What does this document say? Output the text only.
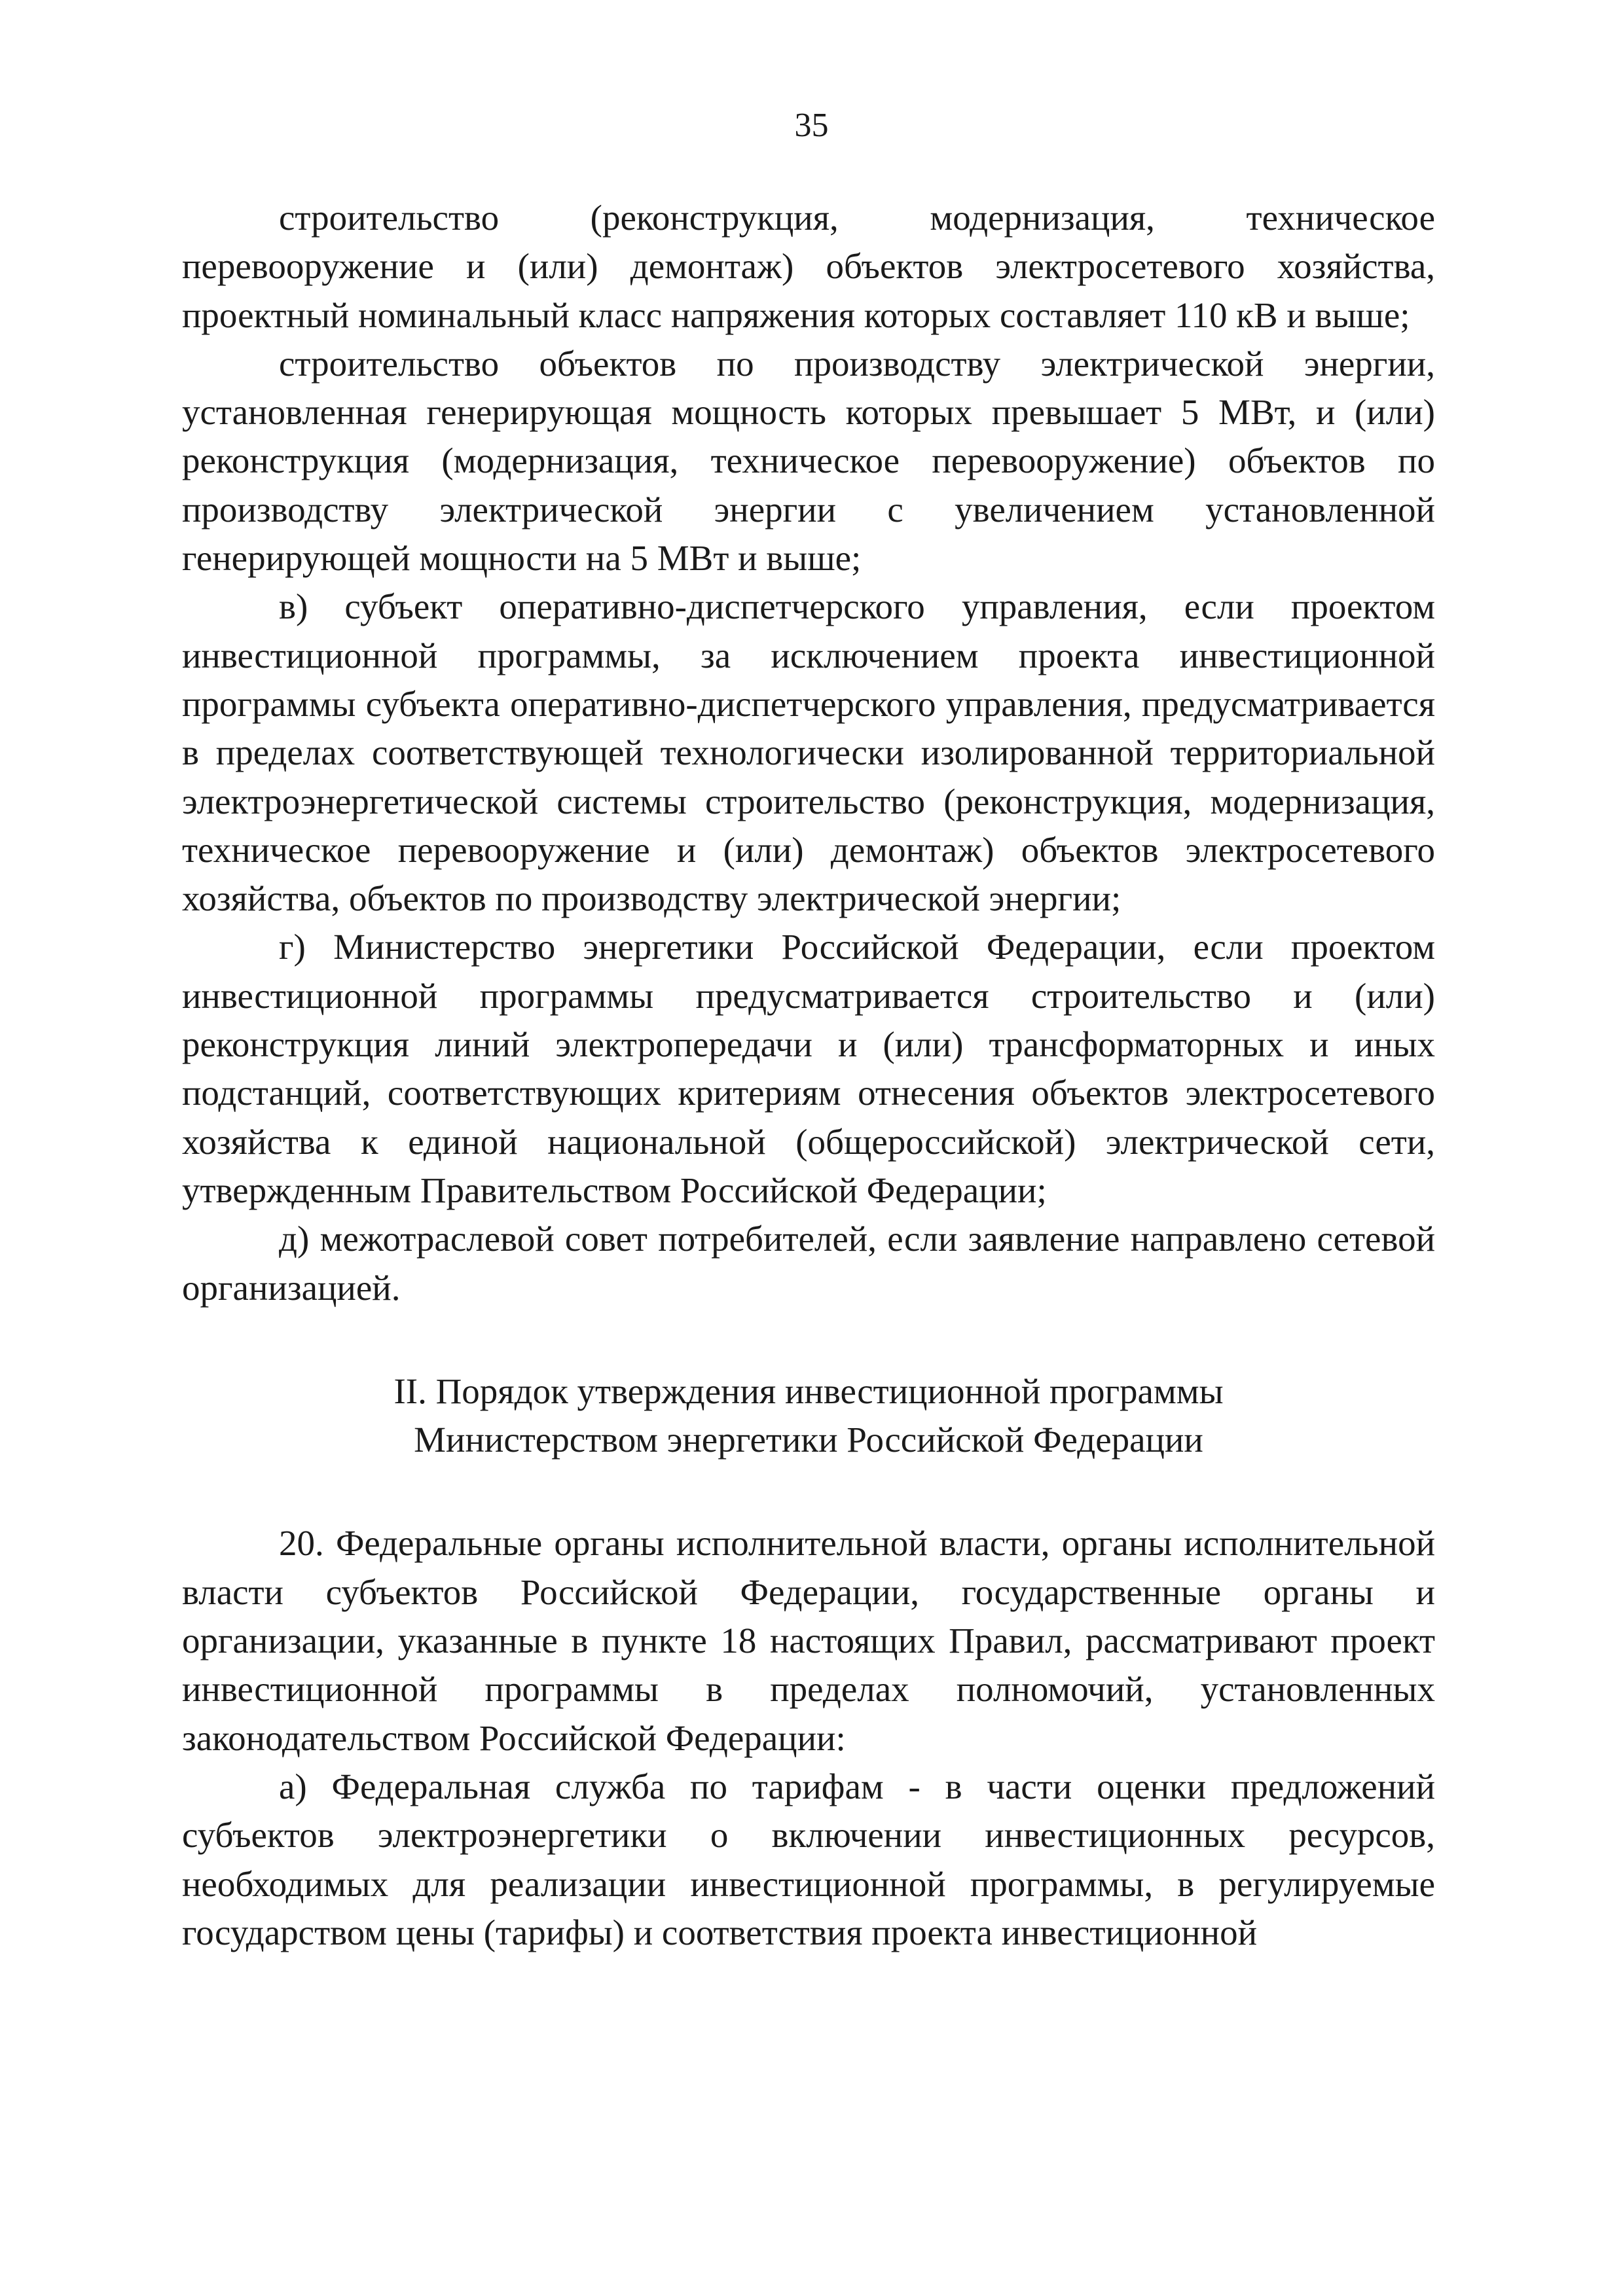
35

строительство (реконструкция, модернизация, техническое перевооружение и (или) демонтаж) объектов электросетевого хозяйства, проектный номинальный класс напряжения которых составляет 110 кВ и выше;

строительство объектов по производству электрической энергии, установленная генерирующая мощность которых превышает 5 МВт, и (или) реконструкция (модернизация, техническое перевооружение) объектов по производству электрической энергии с увеличением установленной генерирующей мощности на 5 МВт и выше;

в) субъект оперативно-диспетчерского управления, если проектом инвестиционной программы, за исключением проекта инвестиционной программы субъекта оперативно-диспетчерского управления, предусматривается в пределах соответствующей технологически изолированной территориальной электроэнергетической системы строительство (реконструкция, модернизация, техническое перевооружение и (или) демонтаж) объектов электросетевого хозяйства, объектов по производству электрической энергии;

г) Министерство энергетики Российской Федерации, если проектом инвестиционной программы предусматривается строительство и (или) реконструкция линий электропередачи и (или) трансформаторных и иных подстанций, соответствующих критериям отнесения объектов электросетевого хозяйства к единой национальной (общероссийской) электрической сети, утвержденным Правительством Российской Федерации;

д) межотраслевой совет потребителей, если заявление направлено сетевой организацией.

II. Порядок утверждения инвестиционной программы
Министерством энергетики Российской Федерации

20. Федеральные органы исполнительной власти, органы исполнительной власти субъектов Российской Федерации, государственные органы и организации, указанные в пункте 18 настоящих Правил, рассматривают проект инвестиционной программы в пределах полномочий, установленных законодательством Российской Федерации:

а) Федеральная служба по тарифам - в части оценки предложений субъектов электроэнергетики о включении инвестиционных ресурсов, необходимых для реализации инвестиционной программы, в регулируемые государством цены (тарифы) и соответствия проекта инвестиционной
